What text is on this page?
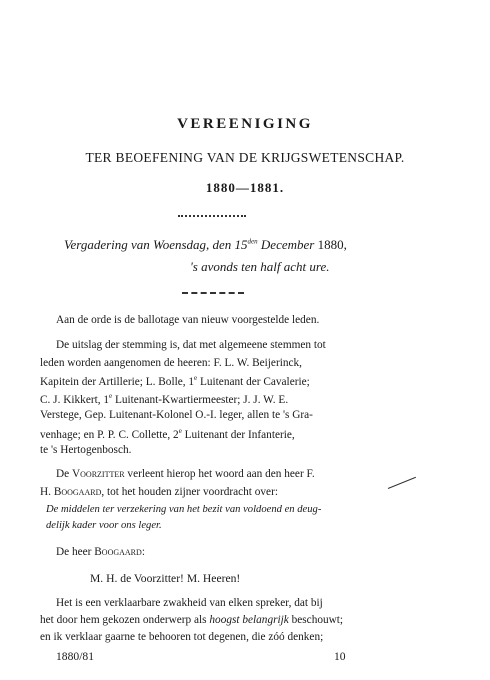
VEREENIGING
TER BEOEFENING VAN DE KRIJGSWETENSCHAP.
1880—1881.
Vergadering van Woensdag, den $15^{den}$ December 1880,
's avonds ten half acht ure.
Aan de orde is de ballotage van nieuw voorgestelde leden.
De uitslag der stemming is, dat met algemeene stemmen tot
leden worden aangenomen de heeren: F. L. W. Beijerinck,
Kapitein der Artillerie; L. Bolle, 1e Luitenant der Cavalerie;
C. J. Kikkert, 1e Luitenant-Kwartiermeester; J. J. W. E.
Verstege, Gep. Luitenant-Kolonel O.-I. leger, allen te 's Gra-
venhage; en P. P. C. Collette, 2e Luitenant der Infanterie,
te 's Hertogenbosch.
De Voorzitter verleent hierop het woord aan den heer F.
H. Boogaard, tot het houden zijner voordracht over:
De middelen ter verzekering van het bezit van voldoend en deug-
delijk kader voor ons leger.
De heer Boogaard:
M. H. de Voorzitter! M. Heeren!
Het is een verklaarbare zwakheid van elken spreker, dat bij
het door hem gekozen onderwerp als hoogst belangrijk beschouwt;
en ik verklaar gaarne te behooren tot degenen, die zóó denken;
1880/81	10
